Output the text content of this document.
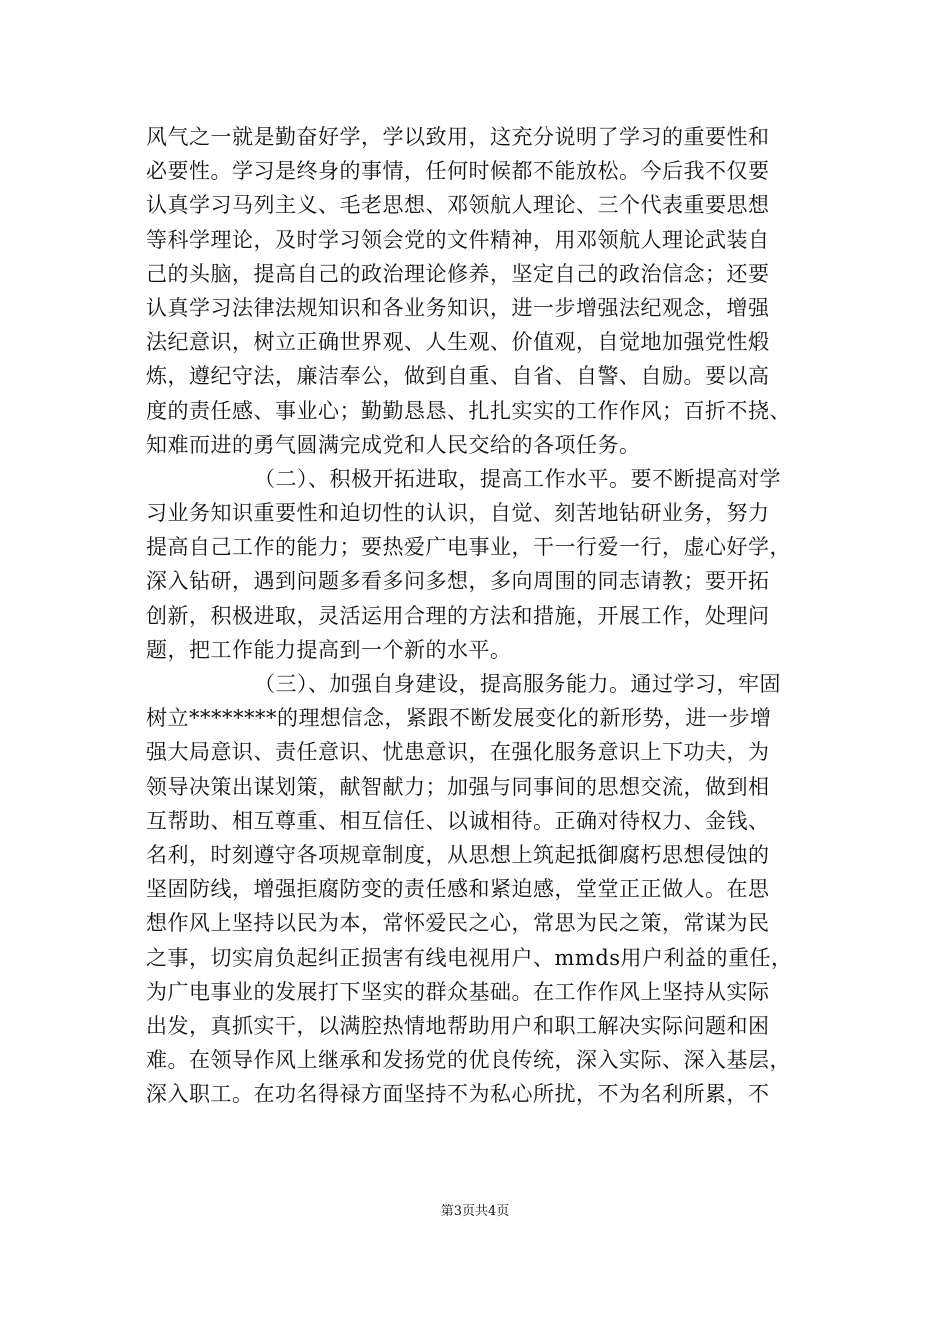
风气之一就是勤奋好学，学以致用，这充分说明了学习的重要性和
必要性。学习是终身的事情，任何时候都不能放松。今后我不仅要
认真学习马列主义、毛老思想、邓领航人理论、三个代表重要思想
等科学理论，及时学习领会党的文件精神，用邓领航人理论武装自
己的头脑，提高自己的政治理论修养，坚定自己的政治信念；还要
认真学习法律法规知识和各业务知识，进一步增强法纪观念，增强
法纪意识，树立正确世界观、人生观、价值观，自觉地加强党性煅
炼，遵纪守法，廉洁奉公，做到自重、自省、自警、自励。要以高
度的责任感、事业心；勤勤恳恳、扎扎实实的工作作风；百折不挠、
知难而进的勇气圆满完成党和人民交给的各项任务。
（二）、积极开拓进取，提高工作水平。要不断提高对学
习业务知识重要性和迫切性的认识，自觉、刻苦地钻研业务，努力
提高自己工作的能力；要热爱广电事业，干一行爱一行，虚心好学，
深入钻研，遇到问题多看多问多想，多向周围的同志请教；要开拓
创新，积极进取，灵活运用合理的方法和措施，开展工作，处理问
题，把工作能力提高到一个新的水平。
（三）、加强自身建设，提高服务能力。通过学习，牢固
树立********的理想信念，紧跟不断发展变化的新形势，进一步增
强大局意识、责任意识、忧患意识，在强化服务意识上下功夫，为
领导决策出谋划策，献智献力；加强与同事间的思想交流，做到相
互帮助、相互尊重、相互信任、以诚相待。正确对待权力、金钱、
名利，时刻遵守各项规章制度，从思想上筑起抵御腐朽思想侵蚀的
坚固防线，增强拒腐防变的责任感和紧迫感，堂堂正正做人。在思
想作风上坚持以民为本，常怀爱民之心，常思为民之策，常谋为民
之事，切实肩负起纠正损害有线电视用户、mmds用户利益的重任，
为广电事业的发展打下坚实的群众基础。在工作作风上坚持从实际
出发，真抓实干，以满腔热情地帮助用户和职工解决实际问题和困
难。在领导作风上继承和发扬党的优良传统，深入实际、深入基层，
深入职工。在功名得禄方面坚持不为私心所扰，不为名利所累，不
第3页共4页
